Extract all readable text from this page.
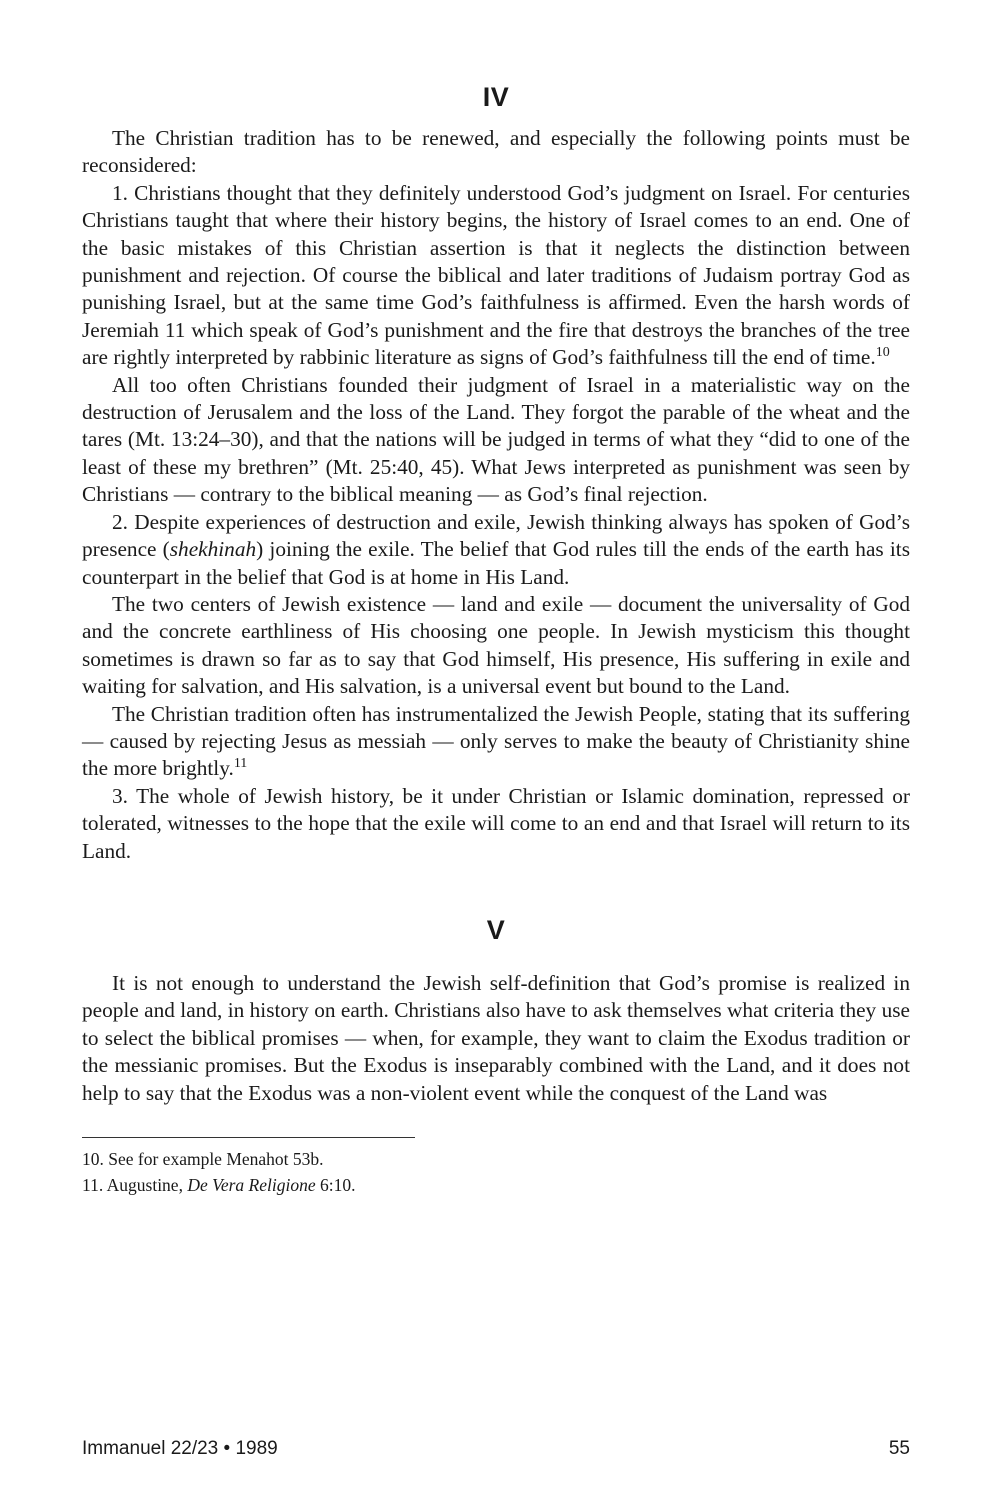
IV

The Christian tradition has to be renewed, and especially the following points must be reconsidered:

1. Christians thought that they definitely understood God’s judgment on Israel. For centuries Christians taught that where their history begins, the history of Israel comes to an end. One of the basic mistakes of this Christian assertion is that it neglects the distinction between punishment and rejection. Of course the biblical and later traditions of Judaism portray God as punishing Israel, but at the same time God’s faithfulness is affirmed. Even the harsh words of Jeremiah 11 which speak of God’s punishment and the fire that destroys the branches of the tree are rightly interpreted by rabbinic literature as signs of God’s faithfulness till the end of time.$^{10}$

All too often Christians founded their judgment of Israel in a materialistic way on the destruction of Jerusalem and the loss of the Land. They forgot the parable of the wheat and the tares (Mt. 13:24–30), and that the nations will be judged in terms of what they “did to one of the least of these my brethren” (Mt. 25:40, 45). What Jews interpreted as punishment was seen by Christians — contrary to the biblical meaning — as God’s final rejection.

2. Despite experiences of destruction and exile, Jewish thinking always has spoken of God’s presence (shekhinah) joining the exile. The belief that God rules till the ends of the earth has its counterpart in the belief that God is at home in His Land.

The two centers of Jewish existence — land and exile — document the universality of God and the concrete earthliness of His choosing one people. In Jewish mysticism this thought sometimes is drawn so far as to say that God himself, His presence, His suffering in exile and waiting for salvation, and His salvation, is a universal event but bound to the Land.

The Christian tradition often has instrumentalized the Jewish People, stating that its suffering — caused by rejecting Jesus as messiah — only serves to make the beauty of Christianity shine the more brightly.$^{11}$

3. The whole of Jewish history, be it under Christian or Islamic domination, repressed or tolerated, witnesses to the hope that the exile will come to an end and that Israel will return to its Land.

V

It is not enough to understand the Jewish self-definition that God’s promise is realized in people and land, in history on earth. Christians also have to ask themselves what criteria they use to select the biblical promises — when, for example, they want to claim the Exodus tradition or the messianic promises. But the Exodus is inseparably combined with the Land, and it does not help to say that the Exodus was a non-violent event while the conquest of the Land was

10. See for example Menahot 53b.

11. Augustine, De Vera Religione 6:10.

Immanuel 22/23 • 1989	55
